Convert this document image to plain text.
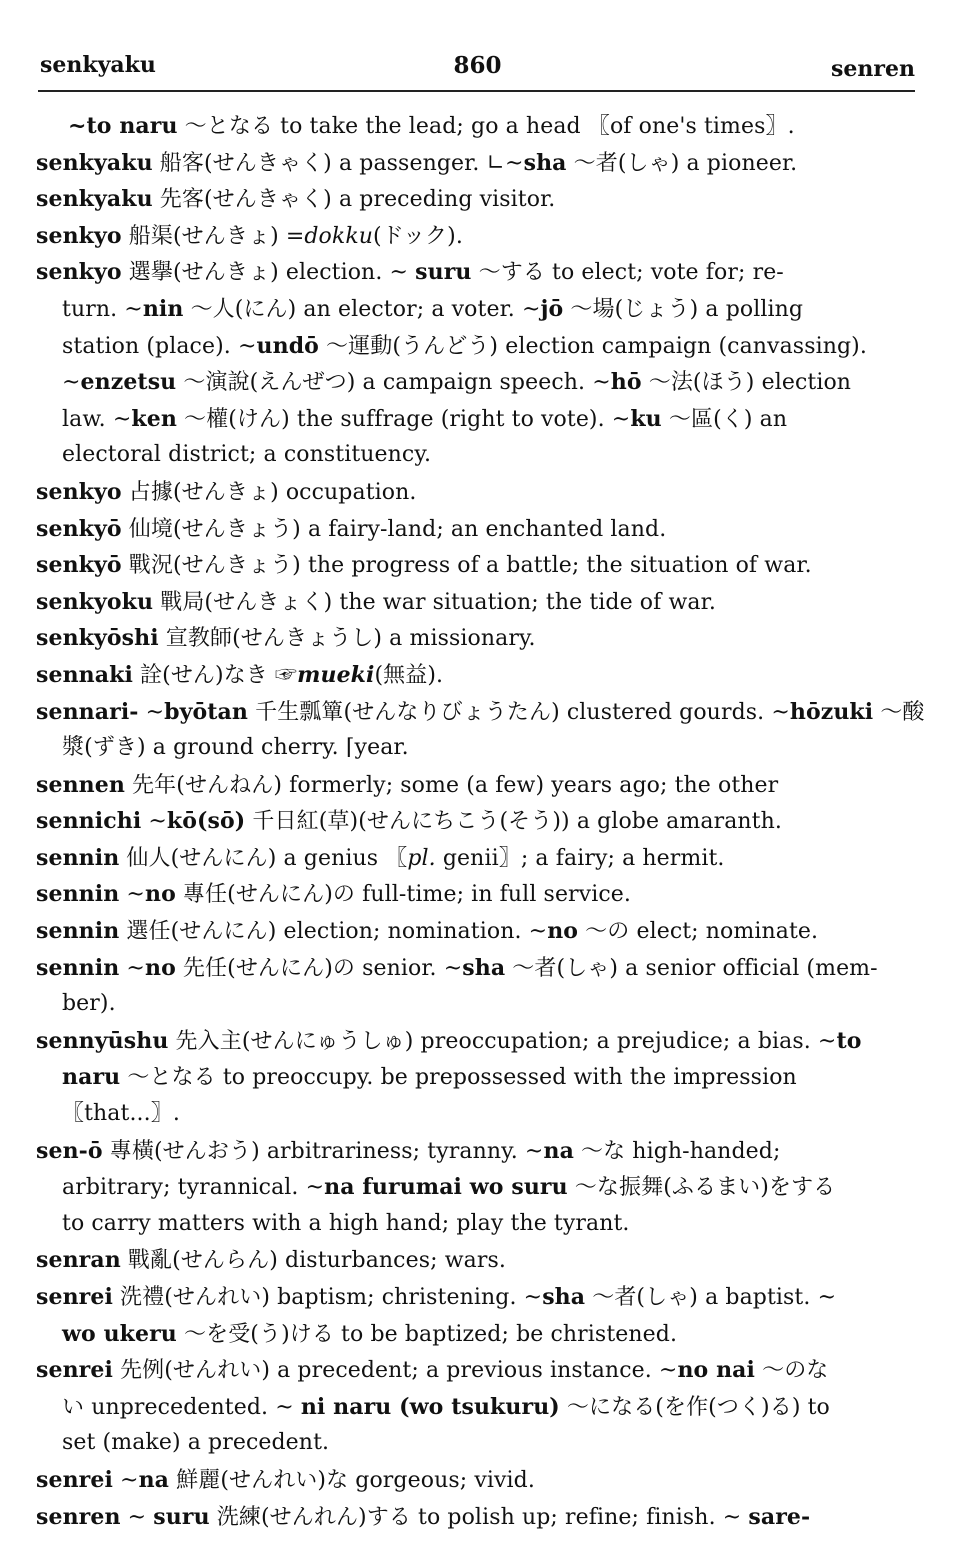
senkyaku	860	senren
~to naru ～となる to take the lead; go a head 〖of one's times〗.
senkyaku 船客(せんきゃく) a passenger. ∟~sha ～者(しゃ) a pioneer.
senkyaku 先客(せんきゃく) a preceding visitor.
senkyo 船渠(せんきょ) =dokku(ドック).
senkyo 選擧(せんきょ) election. ~ suru ～する to elect; vote for; re-
turn. ~nin ～人(にん) an elector; a voter. ~jō ～場(じょう) a polling
station (place). ~undō ～運動(うんどう) election campaign (canvassing).
~enzetsu ～演說(えんぜつ) a campaign speech. ~hō ～法(ほう) election
law. ~ken ～權(けん) the suffrage (right to vote). ~ku ～區(く) an
electoral district; a constituency.
senkyo 占據(せんきょ) occupation.
senkyō 仙境(せんきょう) a fairy-land; an enchanted land.
senkyō 戰況(せんきょう) the progress of a battle; the situation of war.
senkyoku 戰局(せんきょく) the war situation; the tide of war.
senkyōshi 宣教師(せんきょうし) a missionary.
sennaki 詮(せん)なき ☞mueki(無益).
sennari- ~byōtan 千生瓢簞(せんなりびょうたん) clustered gourds. ~hōzuki ～酸
漿(ずき) a ground cherry. ⌈year.
sennen 先年(せんねん) formerly; some (a few) years ago; the other
sennichi ~kō(sō) 千日紅(草)(せんにちこう(そう)) a globe amaranth.
sennin 仙人(せんにん) a genius 〖pl. genii〗; a fairy; a hermit.
sennin ~no 專任(せんにん)の full-time; in full service.
sennin 選任(せんにん) election; nomination. ~no ～の elect; nominate.
sennin ~no 先任(せんにん)の senior. ~sha ～者(しゃ) a senior official (mem-
ber).
sennyūshu 先入主(せんにゅうしゅ) preoccupation; a prejudice; a bias. ~to
naru ～となる to preoccupy. be prepossessed with the impression
〖that...〗.
sen-ō 專橫(せんおう) arbitrariness; tyranny. ~na ～な high-handed;
arbitrary; tyrannical. ~na furumai wo suru ～な振舞(ふるまい)をする
to carry matters with a high hand; play the tyrant.
senran 戰亂(せんらん) disturbances; wars.
senrei 洗禮(せんれい) baptism; christening. ~sha ～者(しゃ) a baptist. ~
wo ukeru ～を受(う)ける to be baptized; be christened.
senrei 先例(せんれい) a precedent; a previous instance. ~no nai ～のな
い unprecedented. ~ ni naru (wo tsukuru) ～になる(を作(つく)る) to
set (make) a precedent.
senrei ~na 鮮麗(せんれい)な gorgeous; vivid.
senren ~ suru 洗練(せんれん)する to polish up; refine; finish. ~ sare-
